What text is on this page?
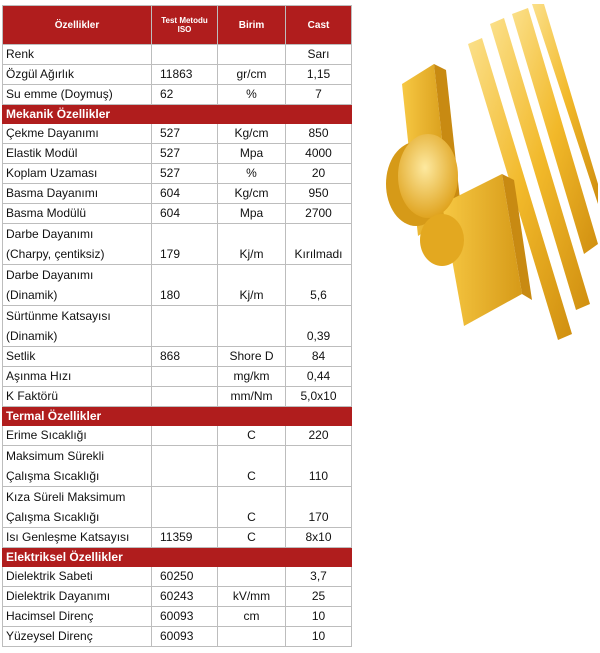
Özellikler	Test Metodu ISO	Birim	Cast
Renk			Sarı
Özgül Ağırlık	11863	gr/cm	1,15
Su emme (Doymuş)	62	%	7
Mekanik Özellikler			
Çekme Dayanımı	527	Kg/cm	850
Elastik Modül	527	Mpa	4000
Koplam Uzaması	527	%	20
Basma Dayanımı	604	Kg/cm	950
Basma Modülü	604	Mpa	2700
Darbe Dayanımı
(Charpy, çentiksiz)	179	Kj/m	Kırılmadı
Darbe Dayanımı
(Dinamik)	180	Kj/m	5,6
Sürtünme Katsayısı
(Dinamik)			0,39
Setlik	868	Shore D	84
Aşınma Hızı		mg/km	0,44
K Faktörü		mm/Nm	5,0x10
Termal Özellikler			
Erime Sıcaklığı		C	220
Maksimum Sürekli
Çalışma Sıcaklığı		C	110
Kıza Süreli Maksimum
Çalışma Sıcaklığı		C	170
Isı Genleşme Katsayısı	11359	C	8x10
Elektriksel Özellikler			
Dielektrik Sabeti	60250		3,7
Dielektrik Dayanımı	60243	kV/mm	25
Hacimsel Direnç	60093	cm	10
Yüzeysel Direnç	60093		10
